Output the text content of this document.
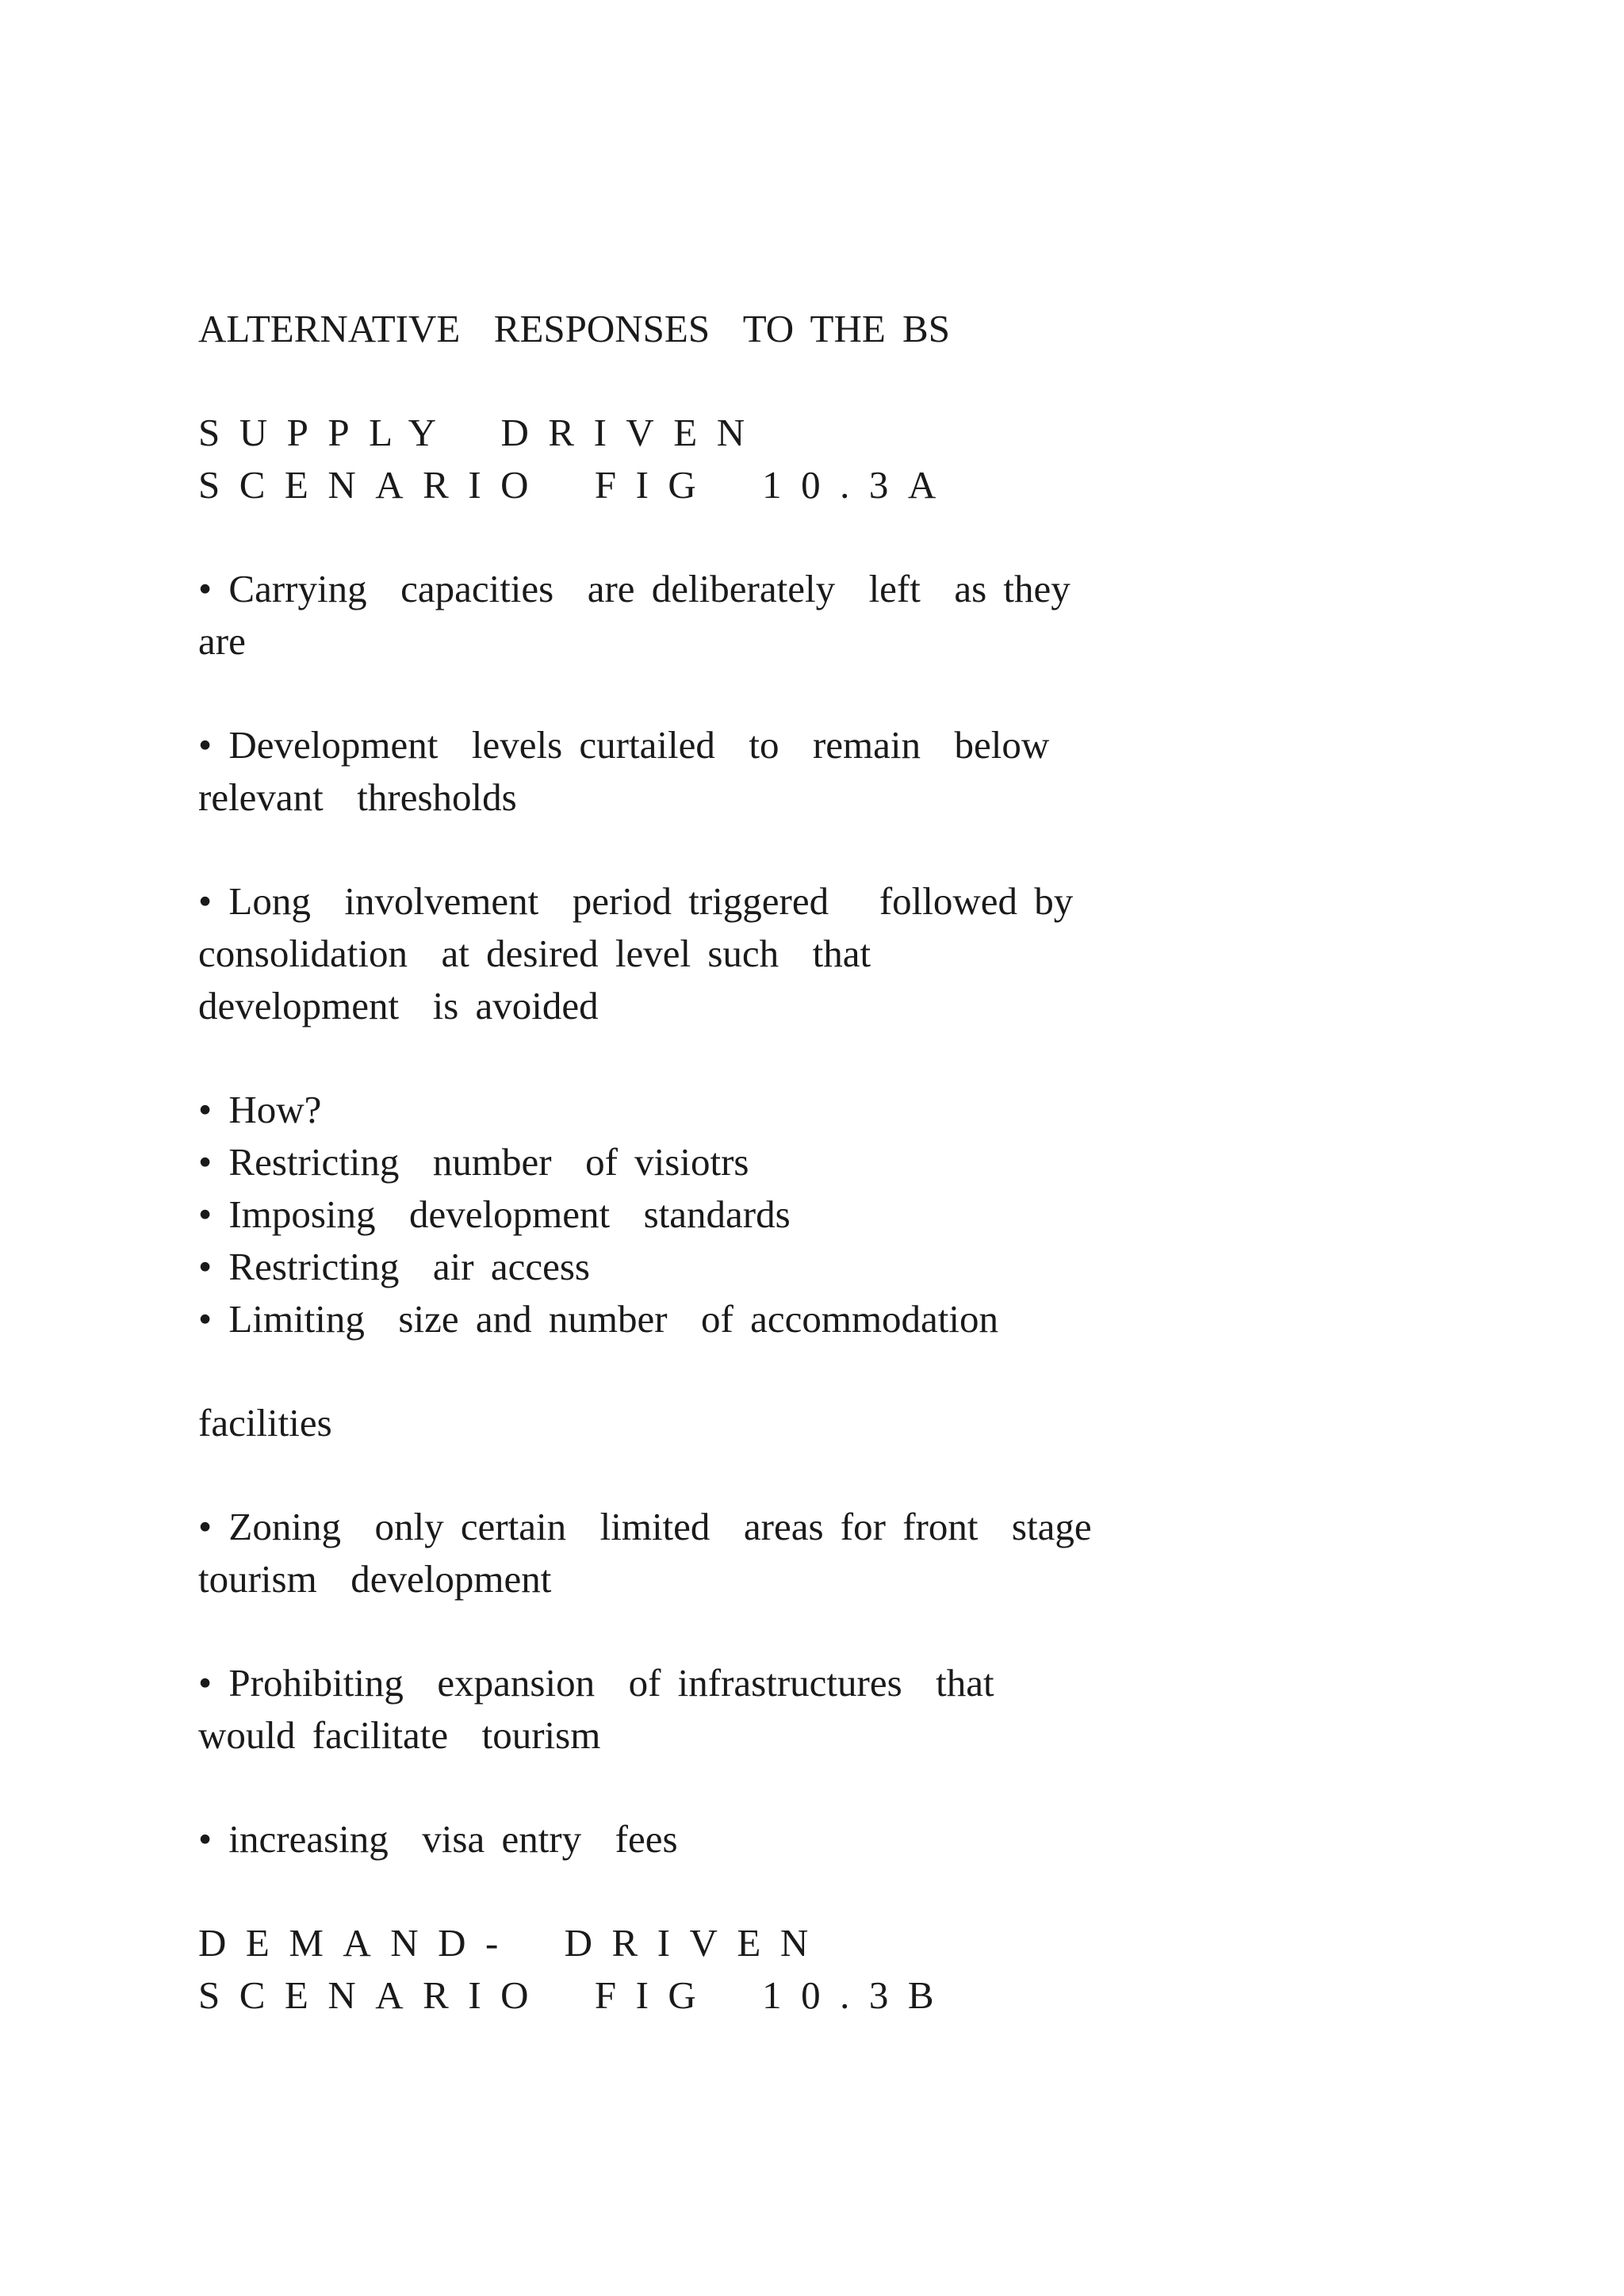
ALTERNATIVE  RESPONSES  TO THE BS
SUPPLY DRIVEN
SCENARIO FIG 10.3A
• Carrying  capacities  are deliberately  left  as they
are
• Development  levels curtailed  to  remain  below
relevant  thresholds
• Long  involvement  period triggered   followed by
consolidation  at desired level such  that
development  is avoided
• How?
• Restricting  number  of visiotrs
• Imposing  development  standards
• Restricting  air access
• Limiting  size and number  of accommodation
facilities
• Zoning  only certain  limited  areas for front  stage
tourism  development
• Prohibiting  expansion  of infrastructures  that
would facilitate  tourism
• increasing  visa entry  fees
DEMAND- DRIVEN
SCENARIO FIG 10.3B
